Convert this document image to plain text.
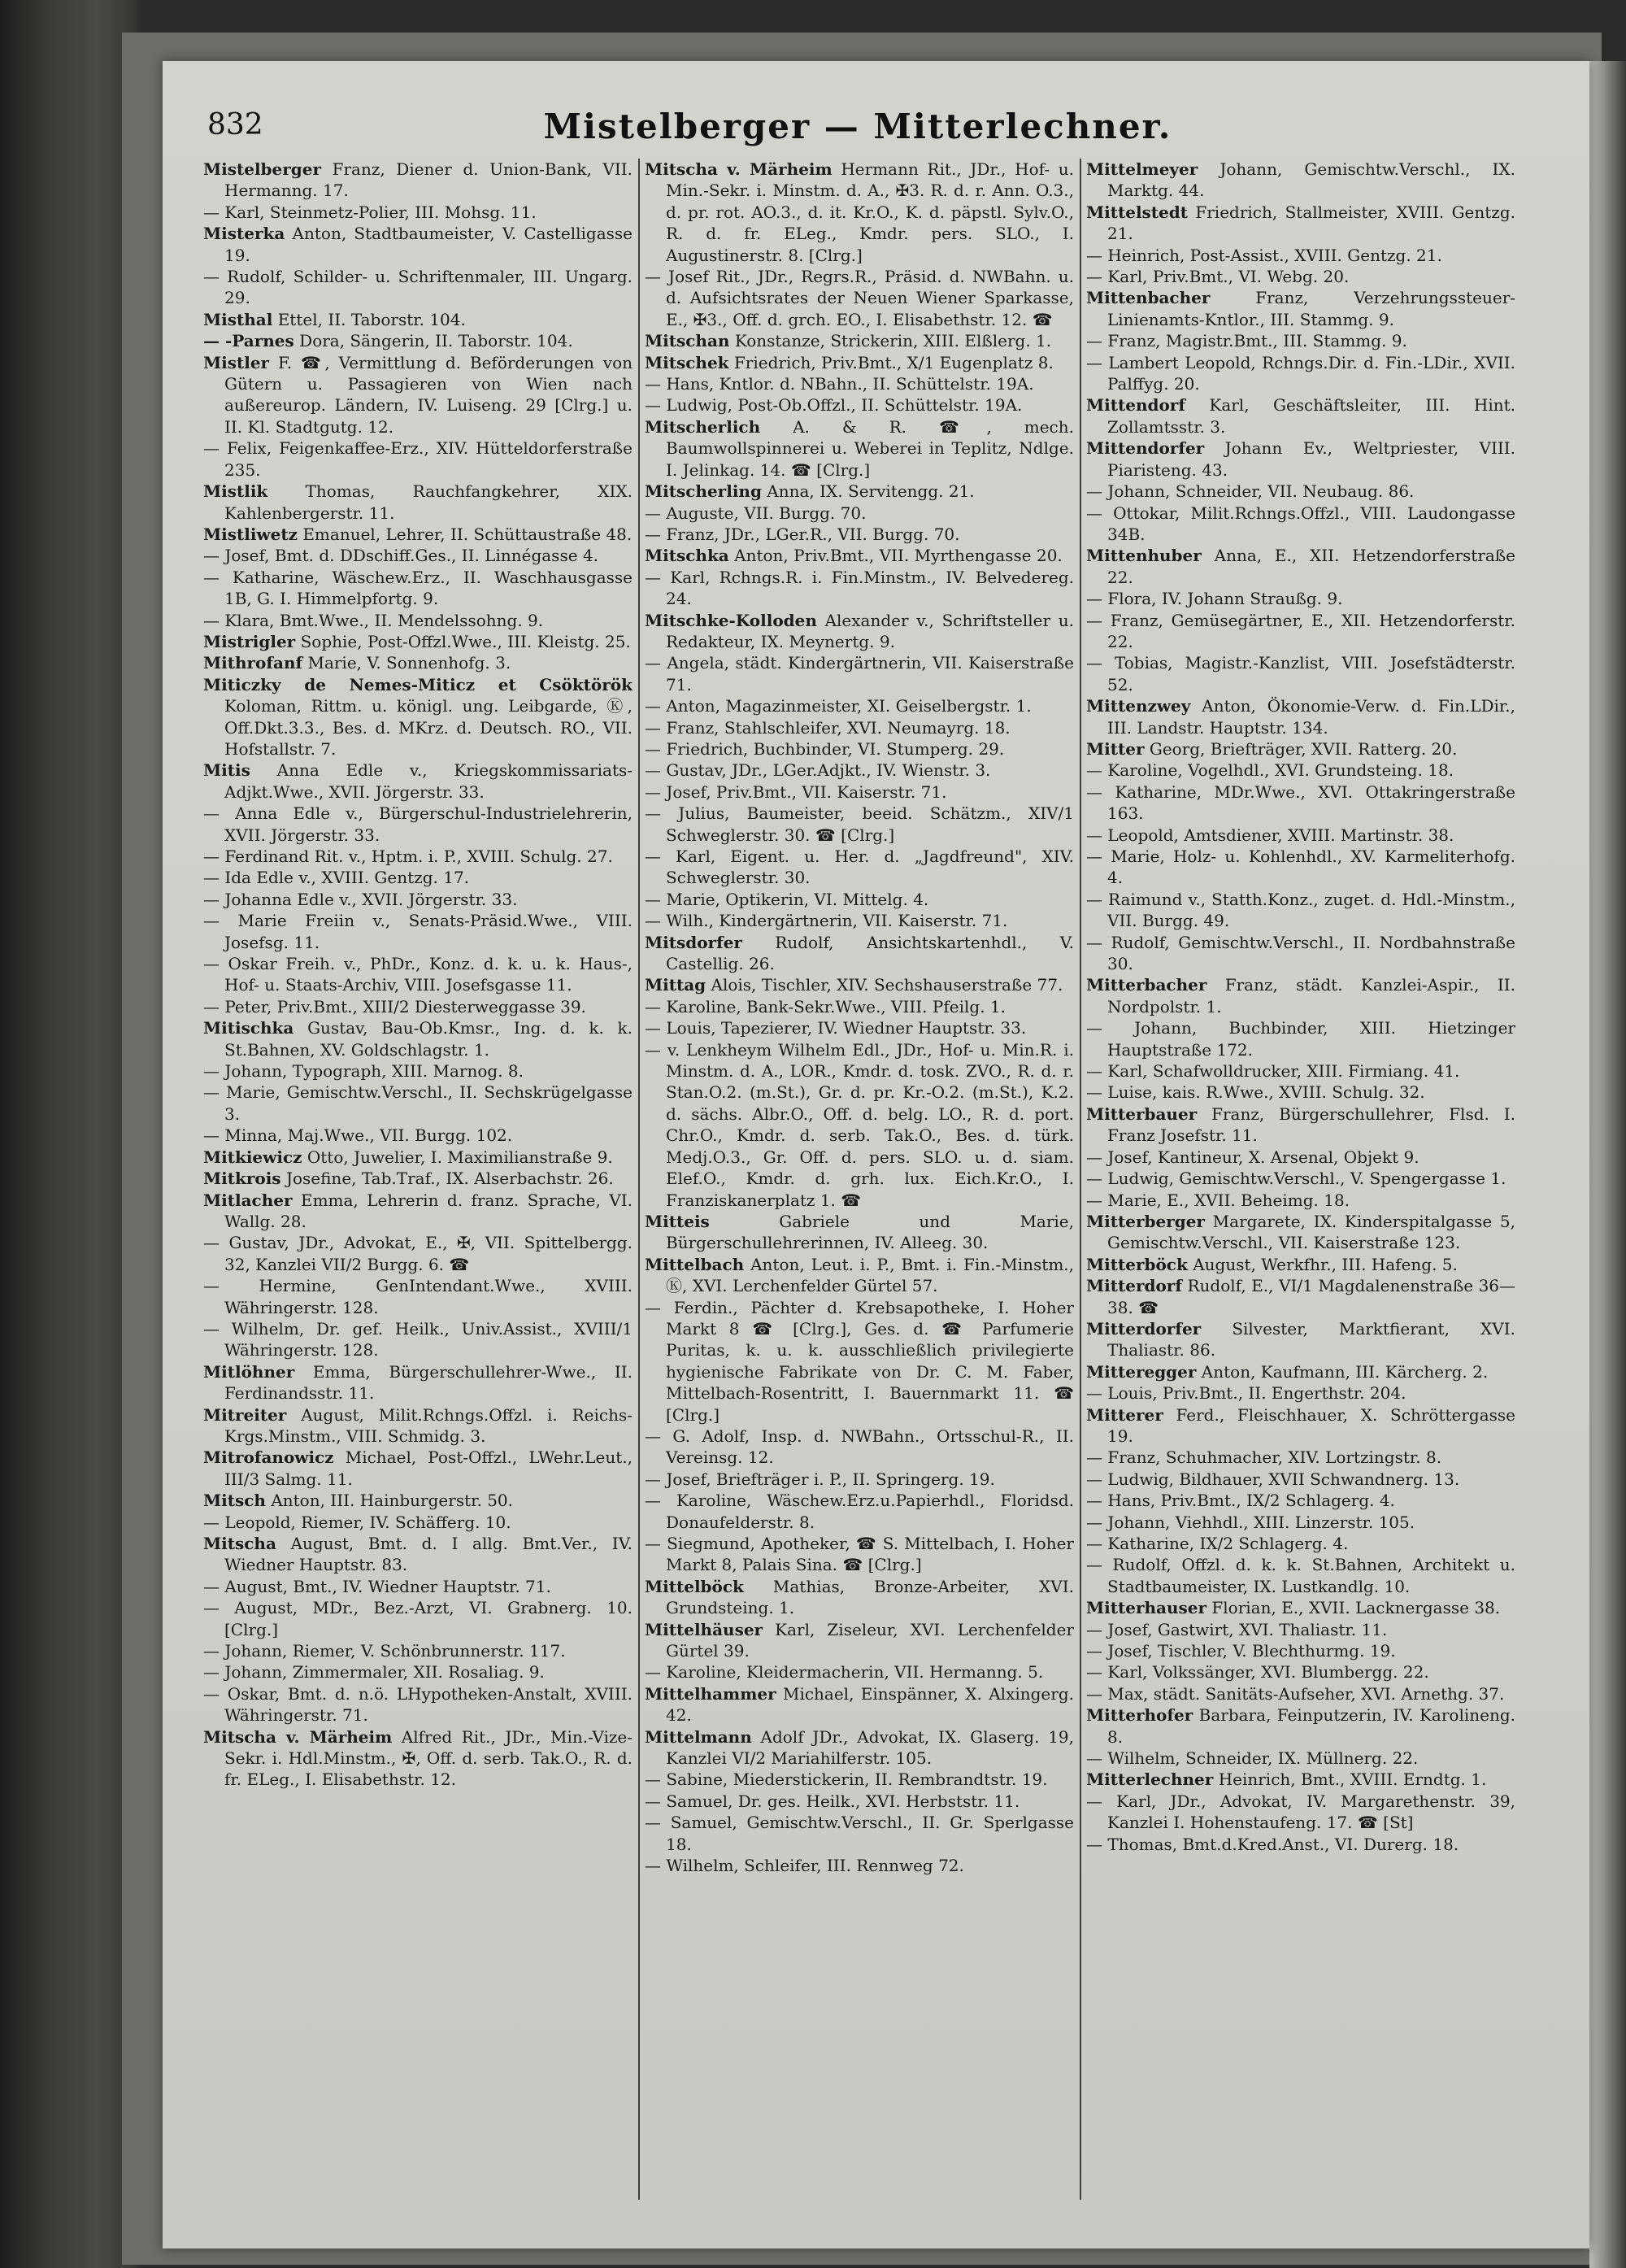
832	Mistelberger — Mitterlechner.
Mistelberger Franz, Diener d. Union-Bank, VII. Hermanng. 17.
— Karl, Steinmetz-Polier, III. Mohsg. 11.
Misterka Anton, Stadtbaumeister, V. Castelligasse 19.
— Rudolf, Schilder- u. Schriftenmaler, III. Ungarg. 29.
Misthal Ettel, II. Taborstr. 104.
— -Parnes Dora, Sängerin, II. Taborstr. 104.
Mistler F. ☎, Vermittlung d. Beförderungen von Gütern u. Passagieren von Wien nach außereurop. Ländern, IV. Luiseng. 29 [Clrg.] u. II. Kl. Stadtgutg. 12.
— Felix, Feigenkaffee-Erz., XIV. Hütteldorferstraße 235.
Mistlik Thomas, Rauchfangkehrer, XIX. Kahlenbergerstr. 11.
Mistliwetz Emanuel, Lehrer, II. Schüttaustraße 48.
— Josef, Bmt. d. DDschiff.Ges., II. Linnégasse 4.
— Katharine, Wäschew.Erz., II. Waschhausgasse 1B, G. I. Himmelpfortg. 9.
— Klara, Bmt.Wwe., II. Mendelssohng. 9.
Mistrigler Sophie, Post-Offzl.Wwe., III. Kleistg. 25.
Mithrofanf Marie, V. Sonnenhofg. 3.
Miticzky de Nemes-Miticz et Csöktörök Koloman, Rittm. u. königl. ung. Leibgarde, Ⓚ, Off.Dkt.3.3., Bes. d. MKrz. d. Deutsch. RO., VII. Hofstallstr. 7.
Mitis Anna Edle v., Kriegskommissariats-Adjkt.Wwe., XVII. Jörgerstr. 33.
— Anna Edle v., Bürgerschul-Industrielehrerin, XVII. Jörgerstr. 33.
— Ferdinand Rit. v., Hptm. i. P., XVIII. Schulg. 27.
— Ida Edle v., XVIII. Gentzg. 17.
— Johanna Edle v., XVII. Jörgerstr. 33.
— Marie Freiin v., Senats-Präsid.Wwe., VIII. Josefsg. 11.
— Oskar Freih. v., PhDr., Konz. d. k. u. k. Haus-, Hof- u. Staats-Archiv, VIII. Josefsgasse 11.
— Peter, Priv.Bmt., XIII/2 Diesterweggasse 39.
Mitischka Gustav, Bau-Ob.Kmsr., Ing. d. k. k. St.Bahnen, XV. Goldschlagstr. 1.
— Johann, Typograph, XIII. Marnog. 8.
— Marie, Gemischtw.Verschl., II. Sechskrügelgasse 3.
— Minna, Maj.Wwe., VII. Burgg. 102.
Mitkiewicz Otto, Juwelier, I. Maximilianstraße 9.
Mitkrois Josefine, Tab.Traf., IX. Alserbachstr. 26.
Mitlacher Emma, Lehrerin d. franz. Sprache, VI. Wallg. 28.
— Gustav, JDr., Advokat, E., ✠, VII. Spittelbergg. 32, Kanzlei VII/2 Burgg. 6. ☎
— Hermine, GenIntendant.Wwe., XVIII. Währingerstr. 128.
— Wilhelm, Dr. gef. Heilk., Univ.Assist., XVIII/1 Währingerstr. 128.
Mitlöhner Emma, Bürgerschullehrer-Wwe., II. Ferdinandsstr. 11.
Mitreiter August, Milit.Rchngs.Offzl. i. Reichs-Krgs.Minstm., VIII. Schmidg. 3.
Mitrofanowicz Michael, Post-Offzl., LWehr.Leut., III/3 Salmg. 11.
Mitsch Anton, III. Hainburgerstr. 50.
— Leopold, Riemer, IV. Schäfferg. 10.
Mitscha August, Bmt. d. I allg. Bmt.Ver., IV. Wiedner Hauptstr. 83.
— August, Bmt., IV. Wiedner Hauptstr. 71.
— August, MDr., Bez.-Arzt, VI. Grabnerg. 10. [Clrg.]
— Johann, Riemer, V. Schönbrunnerstr. 117.
— Johann, Zimmermaler, XII. Rosaliag. 9.
— Oskar, Bmt. d. n.ö. LHypotheken-Anstalt, XVIII. Währingerstr. 71.
Mitscha v. Märheim Alfred Rit., JDr., Min.-Vize-Sekr. i. Hdl.Minstm., ✠, Off. d. serb. Tak.O., R. d. fr. ELeg., I. Elisabethstr. 12.
Mitscha v. Märheim Hermann Rit., JDr., Hof- u. Min.-Sekr. i. Minstm. d. A., ✠3. R. d. r. Ann. O.3., d. pr. rot. AO.3., d. it. Kr.O., K. d. päpstl. Sylv.O., R. d. fr. ELeg., Kmdr. pers. SLO., I. Augustinerstr. 8. [Clrg.]
— Josef Rit., JDr., Regrs.R., Präsid. d. NWBahn. u. d. Aufsichtsrates der Neuen Wiener Sparkasse, E., ✠3., Off. d. grch. EO., I. Elisabethstr. 12. ☎
Mitschan Konstanze, Strickerin, XIII. Elßlerg. 1.
Mitschek Friedrich, Priv.Bmt., X/1 Eugenplatz 8.
— Hans, Kntlor. d. NBahn., II. Schüttelstr. 19A.
— Ludwig, Post-Ob.Offzl., II. Schüttelstr. 19A.
Mitscherlich A. & R. ☎, mech. Baumwollspinnerei u. Weberei in Teplitz, Ndlge. I. Jelinkag. 14. ☎ [Clrg.]
Mitscherling Anna, IX. Servitengg. 21.
— Auguste, VII. Burgg. 70.
— Franz, JDr., LGer.R., VII. Burgg. 70.
Mitschka Anton, Priv.Bmt., VII. Myrthengasse 20.
— Karl, Rchngs.R. i. Fin.Minstm., IV. Belvedereg. 24.
Mitschke-Kolloden Alexander v., Schriftsteller u. Redakteur, IX. Meynertg. 9.
— Angela, städt. Kindergärtnerin, VII. Kaiserstraße 71.
— Anton, Magazinmeister, XI. Geiselbergstr. 1.
— Franz, Stahlschleifer, XVI. Neumayrg. 18.
— Friedrich, Buchbinder, VI. Stumperg. 29.
— Gustav, JDr., LGer.Adjkt., IV. Wienstr. 3.
— Josef, Priv.Bmt., VII. Kaiserstr. 71.
— Julius, Baumeister, beeid. Schätzm., XIV/1 Schweglerstr. 30. ☎ [Clrg.]
— Karl, Eigent. u. Her. d. „Jagdfreund", XIV. Schweglerstr. 30.
— Marie, Optikerin, VI. Mittelg. 4.
— Wilh., Kindergärtnerin, VII. Kaiserstr. 71.
Mitsdorfer Rudolf, Ansichtskartenhdl., V. Castellig. 26.
Mittag Alois, Tischler, XIV. Sechshauserstraße 77.
— Karoline, Bank-Sekr.Wwe., VIII. Pfeilg. 1.
— Louis, Tapezierer, IV. Wiedner Hauptstr. 33.
— v. Lenkheym Wilhelm Edl., JDr., Hof- u. Min.R. i. Minstm. d. A., LOR., Kmdr. d. tosk. ZVO., R. d. r. Stan.O.2. (m.St.), Gr. d. pr. Kr.-O.2. (m.St.), K.2. d. sächs. Albr.O., Off. d. belg. LO., R. d. port. Chr.O., Kmdr. d. serb. Tak.O., Bes. d. türk. Medj.O.3., Gr. Off. d. pers. SLO. u. d. siam. Elef.O., Kmdr. d. grh. lux. Eich.Kr.O., I. Franziskanerplatz 1. ☎
Mitteis	Gabriele und Marie, Bürgerschullehrerinnen, IV. Alleeg. 30.
Mittelbach Anton, Leut. i. P., Bmt. i. Fin.-Minstm., Ⓚ, XVI. Lerchenfelder Gürtel 57.
— Ferdin., Pächter d. Krebsapotheke, I. Hoher Markt 8 ☎ [Clrg.], Ges. d. ☎ Parfumerie Puritas, k. u. k. ausschließlich privilegierte hygienische Fabrikate von Dr. C. M. Faber, Mittelbach-Rosentritt, I. Bauernmarkt 11. ☎ [Clrg.]
— G. Adolf, Insp. d. NWBahn., Ortsschul-R., II. Vereinsg. 12.
— Josef, Briefträger i. P., II. Springerg. 19.
— Karoline, Wäschew.Erz.u.Papierhdl., Floridsd. Donaufelderstr. 8.
— Siegmund, Apotheker, ☎ S. Mittelbach, I. Hoher Markt 8, Palais Sina. ☎ [Clrg.]
Mittelböck Mathias, Bronze-Arbeiter, XVI. Grundsteing. 1.
Mittelhäuser Karl, Ziseleur, XVI. Lerchenfelder Gürtel 39.
— Karoline, Kleidermacherin, VII. Hermanng. 5.
Mittelhammer Michael, Einspänner, X. Alxingerg. 42.
Mittelmann Adolf JDr., Advokat, IX. Glaserg. 19, Kanzlei VI/2 Mariahilferstr. 105.
— Sabine, Miederstickerin, II. Rembrandtstr. 19.
— Samuel, Dr. ges. Heilk., XVI. Herbststr. 11.
— Samuel, Gemischtw.Verschl., II. Gr. Sperlgasse 18.
— Wilhelm, Schleifer, III. Rennweg 72.
Mittelmeyer Johann, Gemischtw.Verschl., IX. Marktg. 44.
Mittelstedt Friedrich, Stallmeister, XVIII. Gentzg. 21.
— Heinrich, Post-Assist., XVIII. Gentzg. 21.
— Karl, Priv.Bmt., VI. Webg. 20.
Mittenbacher	Franz, Verzehrungssteuer-Linienamts-Kntlor., III. Stammg. 9.
— Franz, Magistr.Bmt., III. Stammg. 9.
— Lambert Leopold, Rchngs.Dir. d. Fin.-LDir., XVII. Palffyg. 20.
Mittendorf Karl, Geschäftsleiter, III. Hint. Zollamtsstr. 3.
Mittendorfer Johann Ev., Weltpriester, VIII. Piaristeng. 43.
— Johann, Schneider, VII. Neubaug. 86.
— Ottokar, Milit.Rchngs.Offzl., VIII. Laudongasse 34B.
Mittenhuber Anna, E., XII. Hetzendorferstraße 22.
— Flora, IV. Johann Straußg. 9.
— Franz, Gemüsegärtner, E., XII. Hetzendorferstr. 22.
— Tobias, Magistr.-Kanzlist, VIII. Josefstädterstr. 52.
Mittenzwey Anton, Ökonomie-Verw. d. Fin.LDir., III. Landstr. Hauptstr. 134.
Mitter Georg, Briefträger, XVII. Ratterg. 20.
— Karoline, Vogelhdl., XVI. Grundsteing. 18.
— Katharine, MDr.Wwe., XVI. Ottakringerstraße 163.
— Leopold, Amtsdiener, XVIII. Martinstr. 38.
— Marie, Holz- u. Kohlenhdl., XV. Karmeliterhofg. 4.
— Raimund v., Statth.Konz., zuget. d. Hdl.-Minstm., VII. Burgg. 49.
— Rudolf, Gemischtw.Verschl., II. Nordbahnstraße 30.
Mitterbacher Franz, städt. Kanzlei-Aspir., II. Nordpolstr. 1.
— Johann, Buchbinder, XIII. Hietzinger Hauptstraße 172.
— Karl, Schafwolldrucker, XIII. Firmiang. 41.
— Luise, kais. R.Wwe., XVIII. Schulg. 32.
Mitterbauer Franz, Bürgerschullehrer, Flsd. I. Franz Josefstr. 11.
— Josef, Kantineur, X. Arsenal, Objekt 9.
— Ludwig, Gemischtw.Verschl., V. Spengergasse 1.
— Marie, E., XVII. Beheimg. 18.
Mitterberger Margarete, IX. Kinderspitalgasse 5, Gemischtw.Verschl., VII. Kaiserstraße 123.
Mitterböck August, Werkfhr., III. Hafeng. 5.
Mitterdorf Rudolf, E., VI/1 Magdalenenstraße 36—38. ☎
Mitterdorfer Silvester, Marktfierant, XVI. Thaliastr. 86.
Mitteregger Anton, Kaufmann, III. Kärcherg. 2.
— Louis, Priv.Bmt., II. Engerthstr. 204.
Mitterer Ferd., Fleischhauer, X. Schröttergasse 19.
— Franz, Schuhmacher, XIV. Lortzingstr. 8.
— Ludwig, Bildhauer, XVII Schwandnerg. 13.
— Hans, Priv.Bmt., IX/2 Schlagerg. 4.
— Johann, Viehhdl., XIII. Linzerstr. 105.
— Katharine, IX/2 Schlagerg. 4.
— Rudolf, Offzl. d. k. k. St.Bahnen, Architekt u. Stadtbaumeister, IX. Lustkandlg. 10.
Mitterhauser Florian, E., XVII. Lacknergasse 38.
— Josef, Gastwirt, XVI. Thaliastr. 11.
— Josef, Tischler, V. Blechthurmg. 19.
— Karl, Volkssänger, XVI. Blumbergg. 22.
— Max, städt. Sanitäts-Aufseher, XVI. Arnethg. 37.
Mitterhofer Barbara, Feinputzerin, IV. Karolineng. 8.
— Wilhelm, Schneider, IX. Müllnerg. 22.
Mitterlechner Heinrich, Bmt., XVIII. Erndtg. 1.
— Karl, JDr., Advokat, IV. Margarethenstr. 39, Kanzlei I. Hohenstaufeng. 17. ☎ [St]
— Thomas, Bmt.d.Kred.Anst., VI. Durerg. 18.
